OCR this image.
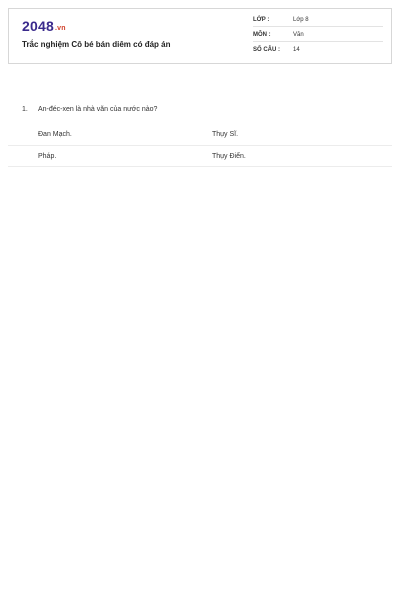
2048.vn
Trắc nghiệm Cô bé bán diêm có đáp án
LỚP :	Lớp 8
MÔN :	Văn
SỐ CÂU : 14
1. An-đéc-xen là nhà văn của nước nào?
Đan Mạch.	Thụy Sĩ.
Pháp.	Thụy Điển.
